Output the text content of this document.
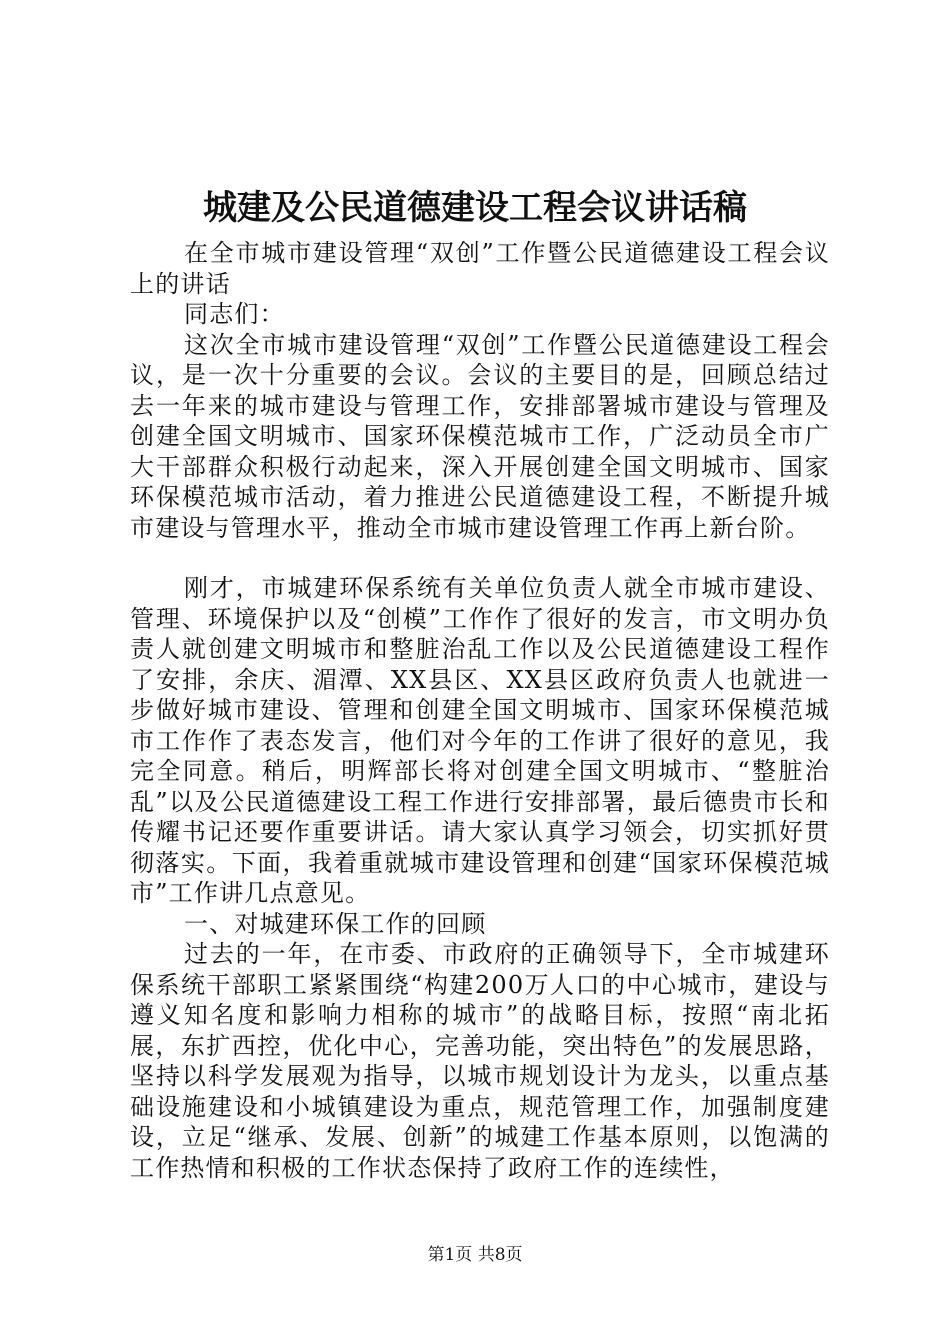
城建及公民道德建设工程会议讲话稿

在全市城市建设管理“双创”工作暨公民道德建设工程会议上的讲话

同志们：

这次全市城市建设管理“双创”工作暨公民道德建设工程会议，是一次十分重要的会议。会议的主要目的是，回顾总结过去一年来的城市建设与管理工作，安排部署城市建设与管理及创建全国文明城市、国家环保模范城市工作，广泛动员全市广大干部群众积极行动起来，深入开展创建全国文明城市、国家环保模范城市活动，着力推进公民道德建设工程，不断提升城市建设与管理水平，推动全市城市建设管理工作再上新台阶。

刚才，市城建环保系统有关单位负责人就全市城市建设、管理、环境保护以及“创模”工作作了很好的发言，市文明办负责人就创建文明城市和整脏治乱工作以及公民道德建设工程作了安排，余庆、湄潭、XX县区、XX县区政府负责人也就进一步做好城市建设、管理和创建全国文明城市、国家环保模范城市工作作了表态发言，他们对今年的工作讲了很好的意见，我完全同意。稍后，明辉部长将对创建全国文明城市、“整脏治乱”以及公民道德建设工程工作进行安排部署，最后德贵市长和传耀书记还要作重要讲话。请大家认真学习领会，切实抓好贯彻落实。下面，我着重就城市建设管理和创建“国家环保模范城市”工作讲几点意见。

一、对城建环保工作的回顾

过去的一年，在市委、市政府的正确领导下，全市城建环保系统干部职工紧紧围绕“构建200万人口的中心城市，建设与遵义知名度和影响力相称的城市”的战略目标，按照“南北拓展，东扩西控，优化中心，完善功能，突出特色”的发展思路，坚持以科学发展观为指导，以城市规划设计为龙头，以重点基础设施建设和小城镇建设为重点，规范管理工作，加强制度建设，立足“继承、发展、创新”的城建工作基本原则，以饱满的工作热情和积极的工作状态保持了政府工作的连续性，

第1页 共8页
